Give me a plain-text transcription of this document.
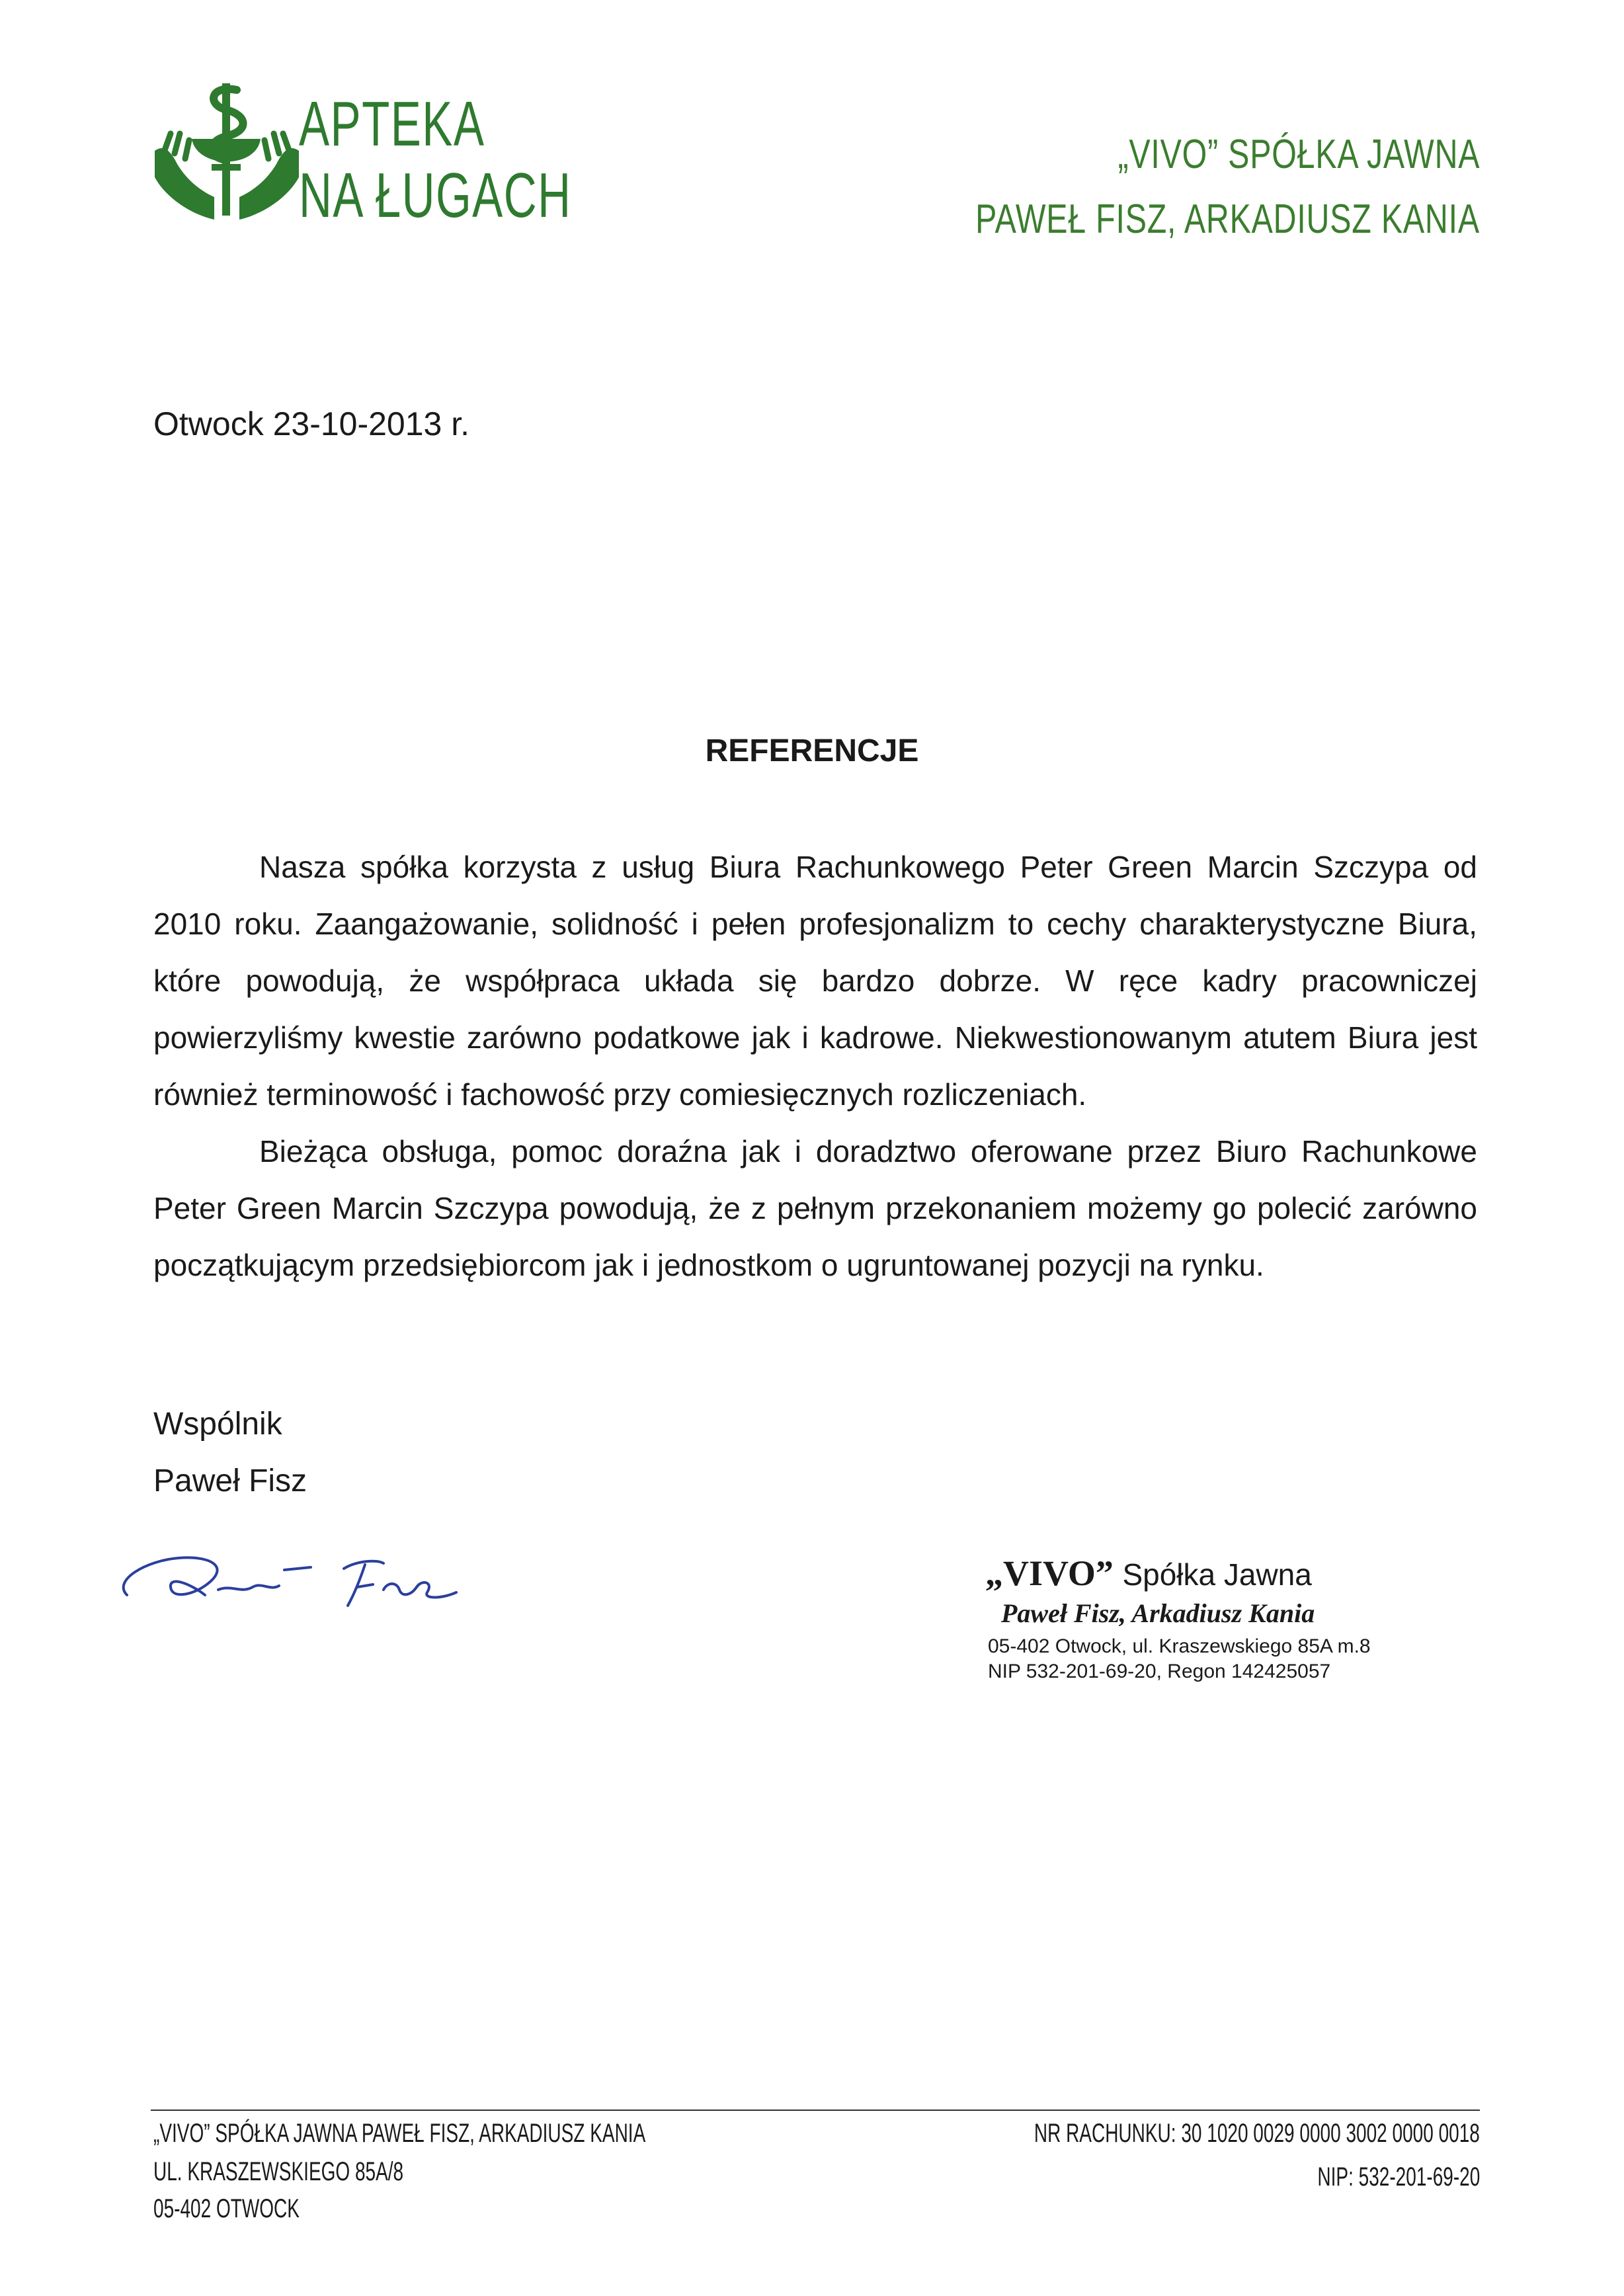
APTEKA
NA ŁUGACH
„VIVO” SPÓŁKA JAWNA
PAWEŁ FISZ, ARKADIUSZ KANIA
Otwock 23-10-2013 r.
REFERENCJE

Nasza spółka korzysta z usług Biura Rachunkowego Peter Green Marcin Szczypa od 2010 roku. Zaangażowanie, solidność i pełen profesjonalizm to cechy charakterystyczne Biura, które powodują, że współpraca układa się bardzo dobrze. W ręce kadry pracowniczej powierzyliśmy kwestie zarówno podatkowe jak i kadrowe. Niekwestionowanym atutem Biura jest również terminowość i fachowość przy comiesięcznych rozliczeniach.

Bieżąca obsługa, pomoc doraźna jak i doradztwo oferowane przez Biuro Rachunkowe Peter Green Marcin Szczypa powodują, że z pełnym przekonaniem możemy go polecić zarówno początkującym przedsiębiorcom jak i jednostkom o ugruntowanej pozycji na rynku.

Wspólnik
Paweł Fisz
„VIVO” Spółka Jawna
Paweł Fisz, Arkadiusz Kania
05-402 Otwock, ul. Kraszewskiego 85A m.8
NIP 532-201-69-20, Regon 142425057
„VIVO” SPÓŁKA JAWNA PAWEŁ FISZ, ARKADIUSZ KANIA
UL. KRASZEWSKIEGO 85A/8
05-402 OTWOCK
NR RACHUNKU: 30 1020 0029 0000 3002 0000 0018
NIP: 532-201-69-20
